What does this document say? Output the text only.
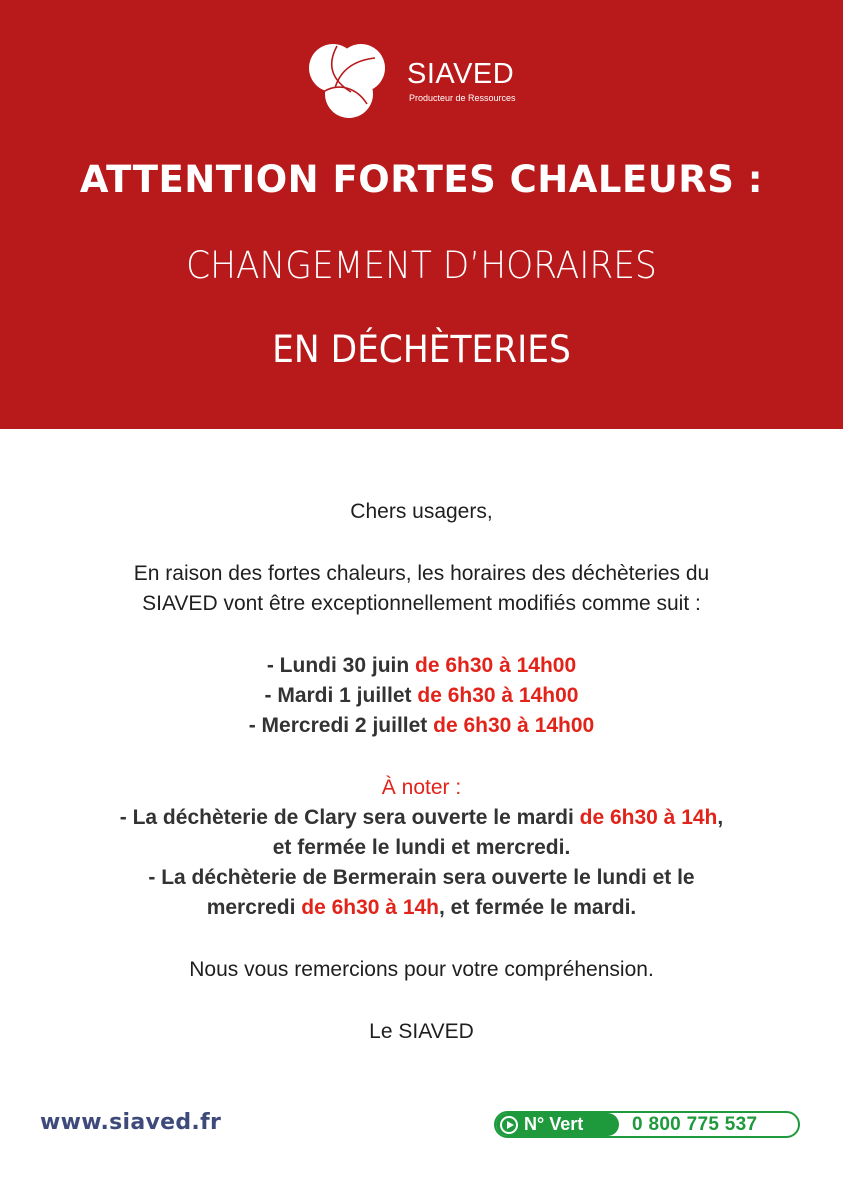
SIAVED
Producteur de Ressources
ATTENTION FORTES CHALEURS :
CHANGEMENT D’HORAIRES
EN DÉCHÈTERIES

Chers usagers,

En raison des fortes chaleurs, les horaires des déchèteries du

SIAVED vont être exceptionnellement modifiés comme suit :

- Lundi 30 juin de 6h30 à 14h00

- Mardi 1 juillet de 6h30 à 14h00

- Mercredi 2 juillet de 6h30 à 14h00

À noter :

- La déchèterie de Clary sera ouverte le mardi de 6h30 à 14h,

et fermée le lundi et mercredi.

- La déchèterie de Bermerain sera ouverte le lundi et le

mercredi de 6h30 à 14h, et fermée le mardi.

Nous vous remercions pour votre compréhension.

Le SIAVED

www.siaved.fr	N° Vert	0 800 775 537
